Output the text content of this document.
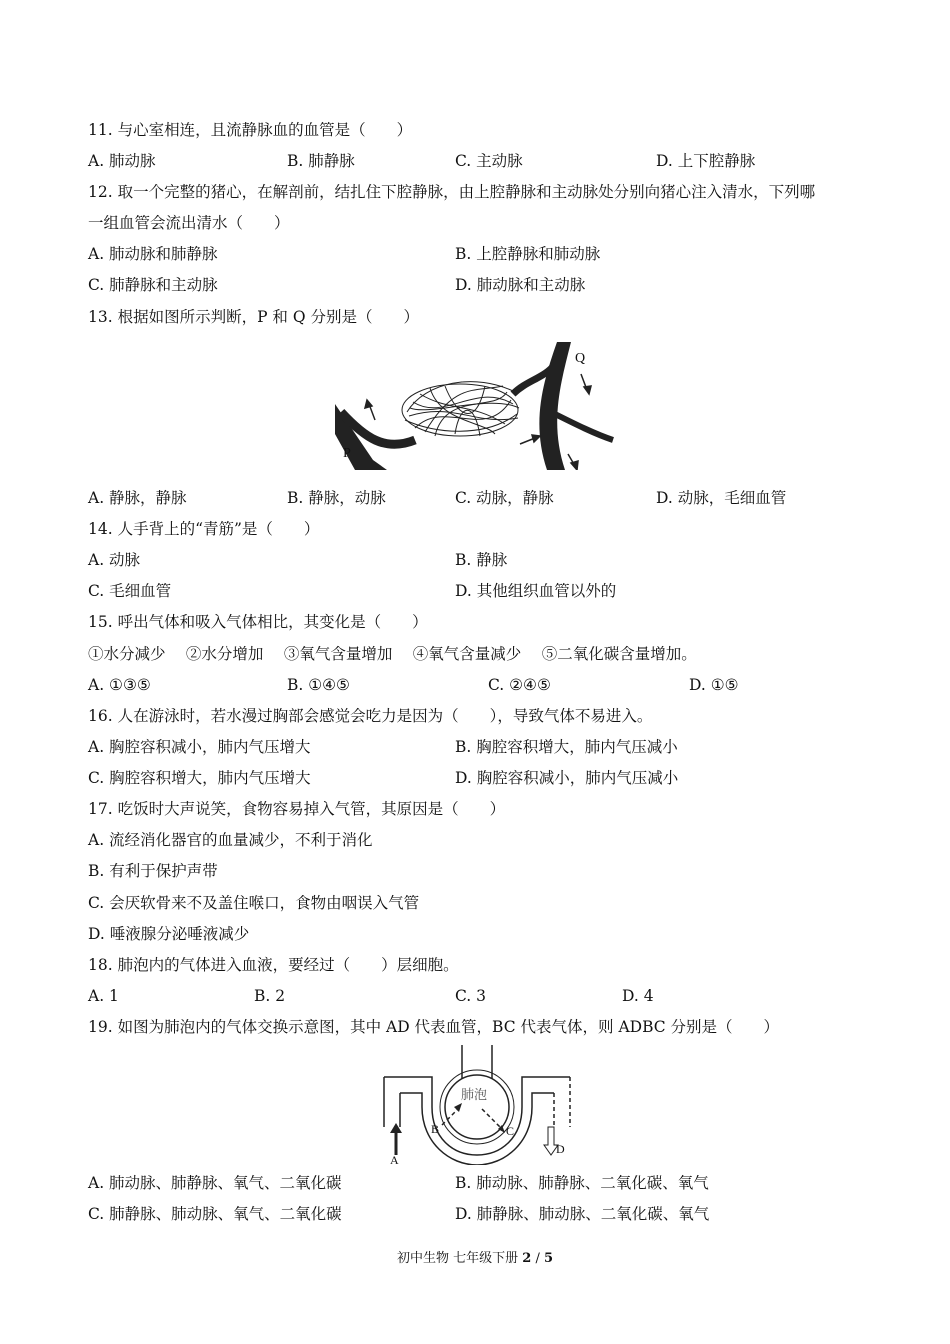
11. 与心室相连，且流静脉血的血管是（　　）
A. 肺动脉	B. 肺静脉	C. 主动脉	D. 上下腔静脉
12. 取一个完整的猪心，在解剖前，结扎住下腔静脉，由上腔静脉和主动脉处分别向猪心注入清水，下列哪
一组血管会流出清水（　　）
A. 肺动脉和肺静脉	B. 上腔静脉和肺动脉
C. 肺静脉和主动脉	D. 肺动脉和主动脉
13. 根据如图所示判断，P 和 Q 分别是（　　）
P
Q
A. 静脉，静脉	B. 静脉，动脉	C. 动脉，静脉	D. 动脉，毛细血管
14. 人手背上的“青筋”是（　　）
A. 动脉	B. 静脉
C. 毛细血管	D. 其他组织血管以外的
15. 呼出气体和吸入气体相比，其变化是（　　）
①水分减少　 ②水分增加　 ③氧气含量增加　 ④氧气含量减少　 ⑤二氧化碳含量增加。
A. ①③⑤	B. ①④⑤	C. ②④⑤	D. ①⑤
16. 人在游泳时，若水漫过胸部会感觉会吃力是因为（　　），导致气体不易进入。
A. 胸腔容积减小，肺内气压增大	B. 胸腔容积增大，肺内气压减小
C. 胸腔容积增大，肺内气压增大	D. 胸腔容积减小，肺内气压减小
17. 吃饭时大声说笑，食物容易掉入气管，其原因是（　　）
A. 流经消化器官的血量减少，不利于消化
B. 有利于保护声带
C. 会厌软骨来不及盖住喉口，食物由咽误入气管
D. 唾液腺分泌唾液减少
18. 肺泡内的气体进入血液，要经过（　　）层细胞。
A. 1	B. 2	C. 3	D. 4
19. 如图为肺泡内的气体交换示意图，其中 AD 代表血管，BC 代表气体，则 ADBC 分别是（　　）
肺泡
A
B	C
D
A. 肺动脉、肺静脉、氧气、二氧化碳	B. 肺动脉、肺静脉、二氧化碳、氧气
C. 肺静脉、肺动脉、氧气、二氧化碳	D. 肺静脉、肺动脉、二氧化碳、氧气
初中生物 七年级下册 2 / 5
